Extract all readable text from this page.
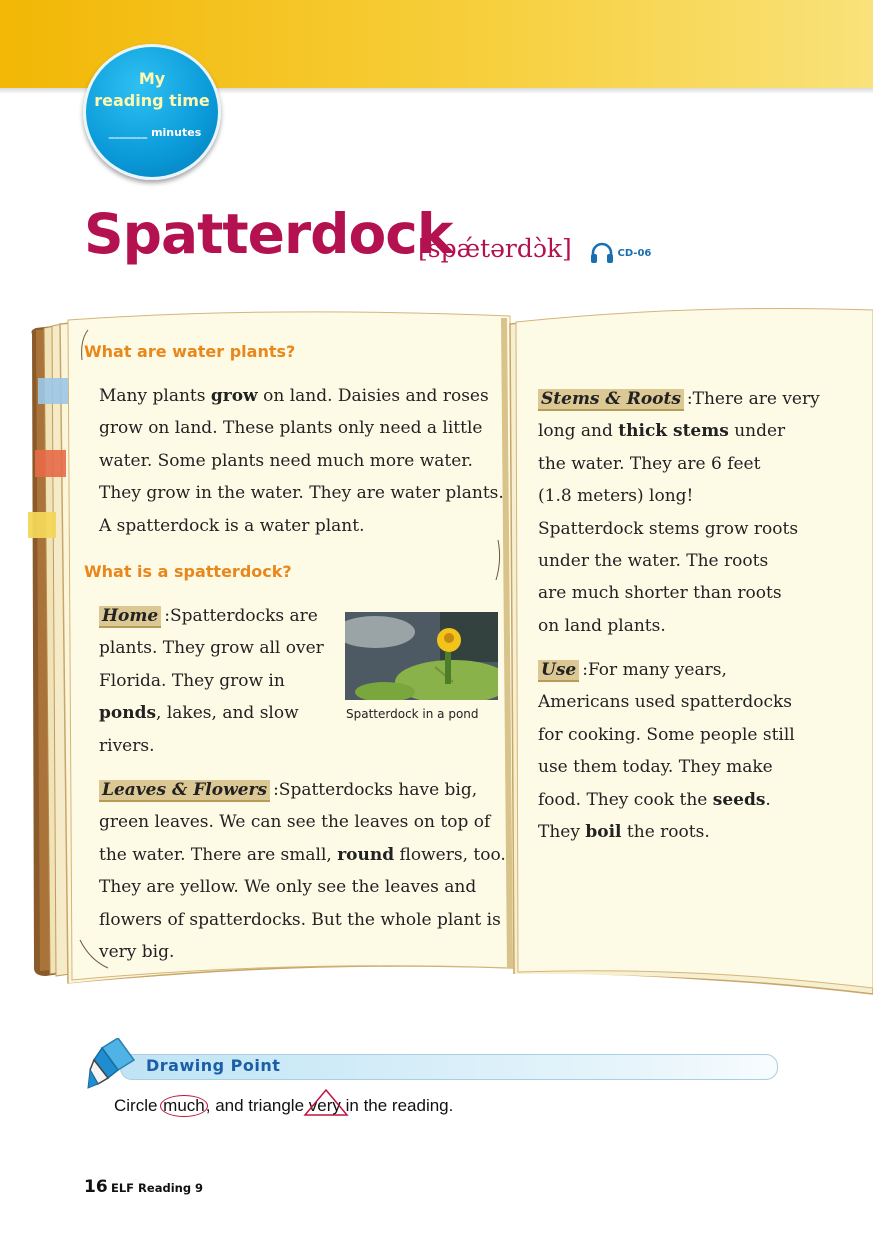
My
reading time
_______ minutes
Spatterdock
[spǽtərdɔ̀k]	CD-06
What are water plants?
Many plants grow on land. Daisies and roses
grow on land. These plants only need a little
water. Some plants need much more water.
They grow in the water. They are water plants.
A spatterdock is a water plant.
What is a spatterdock?
Home :Spatterdocks are
plants. They grow all over
Florida. They grow in
ponds, lakes, and slow
rivers.
Spatterdock in a pond
Leaves & Flowers :Spatterdocks have big,
green leaves. We can see the leaves on top of
the water. There are small, round flowers, too.
They are yellow. We only see the leaves and
flowers of spatterdocks. But the whole plant is
very big.
Stems & Roots :There are very
long and thick stems under
the water. They are 6 feet
(1.8 meters) long!
Spatterdock stems grow roots
under the water. The roots
are much shorter than roots
on land plants.
Use :For many years,
Americans used spatterdocks
for cooking. Some people still
use them today. They make
food. They cook the seeds.
They boil the roots.
Drawing Point
Circle much, and triangle
very in the reading.
16 ELF Reading 9
